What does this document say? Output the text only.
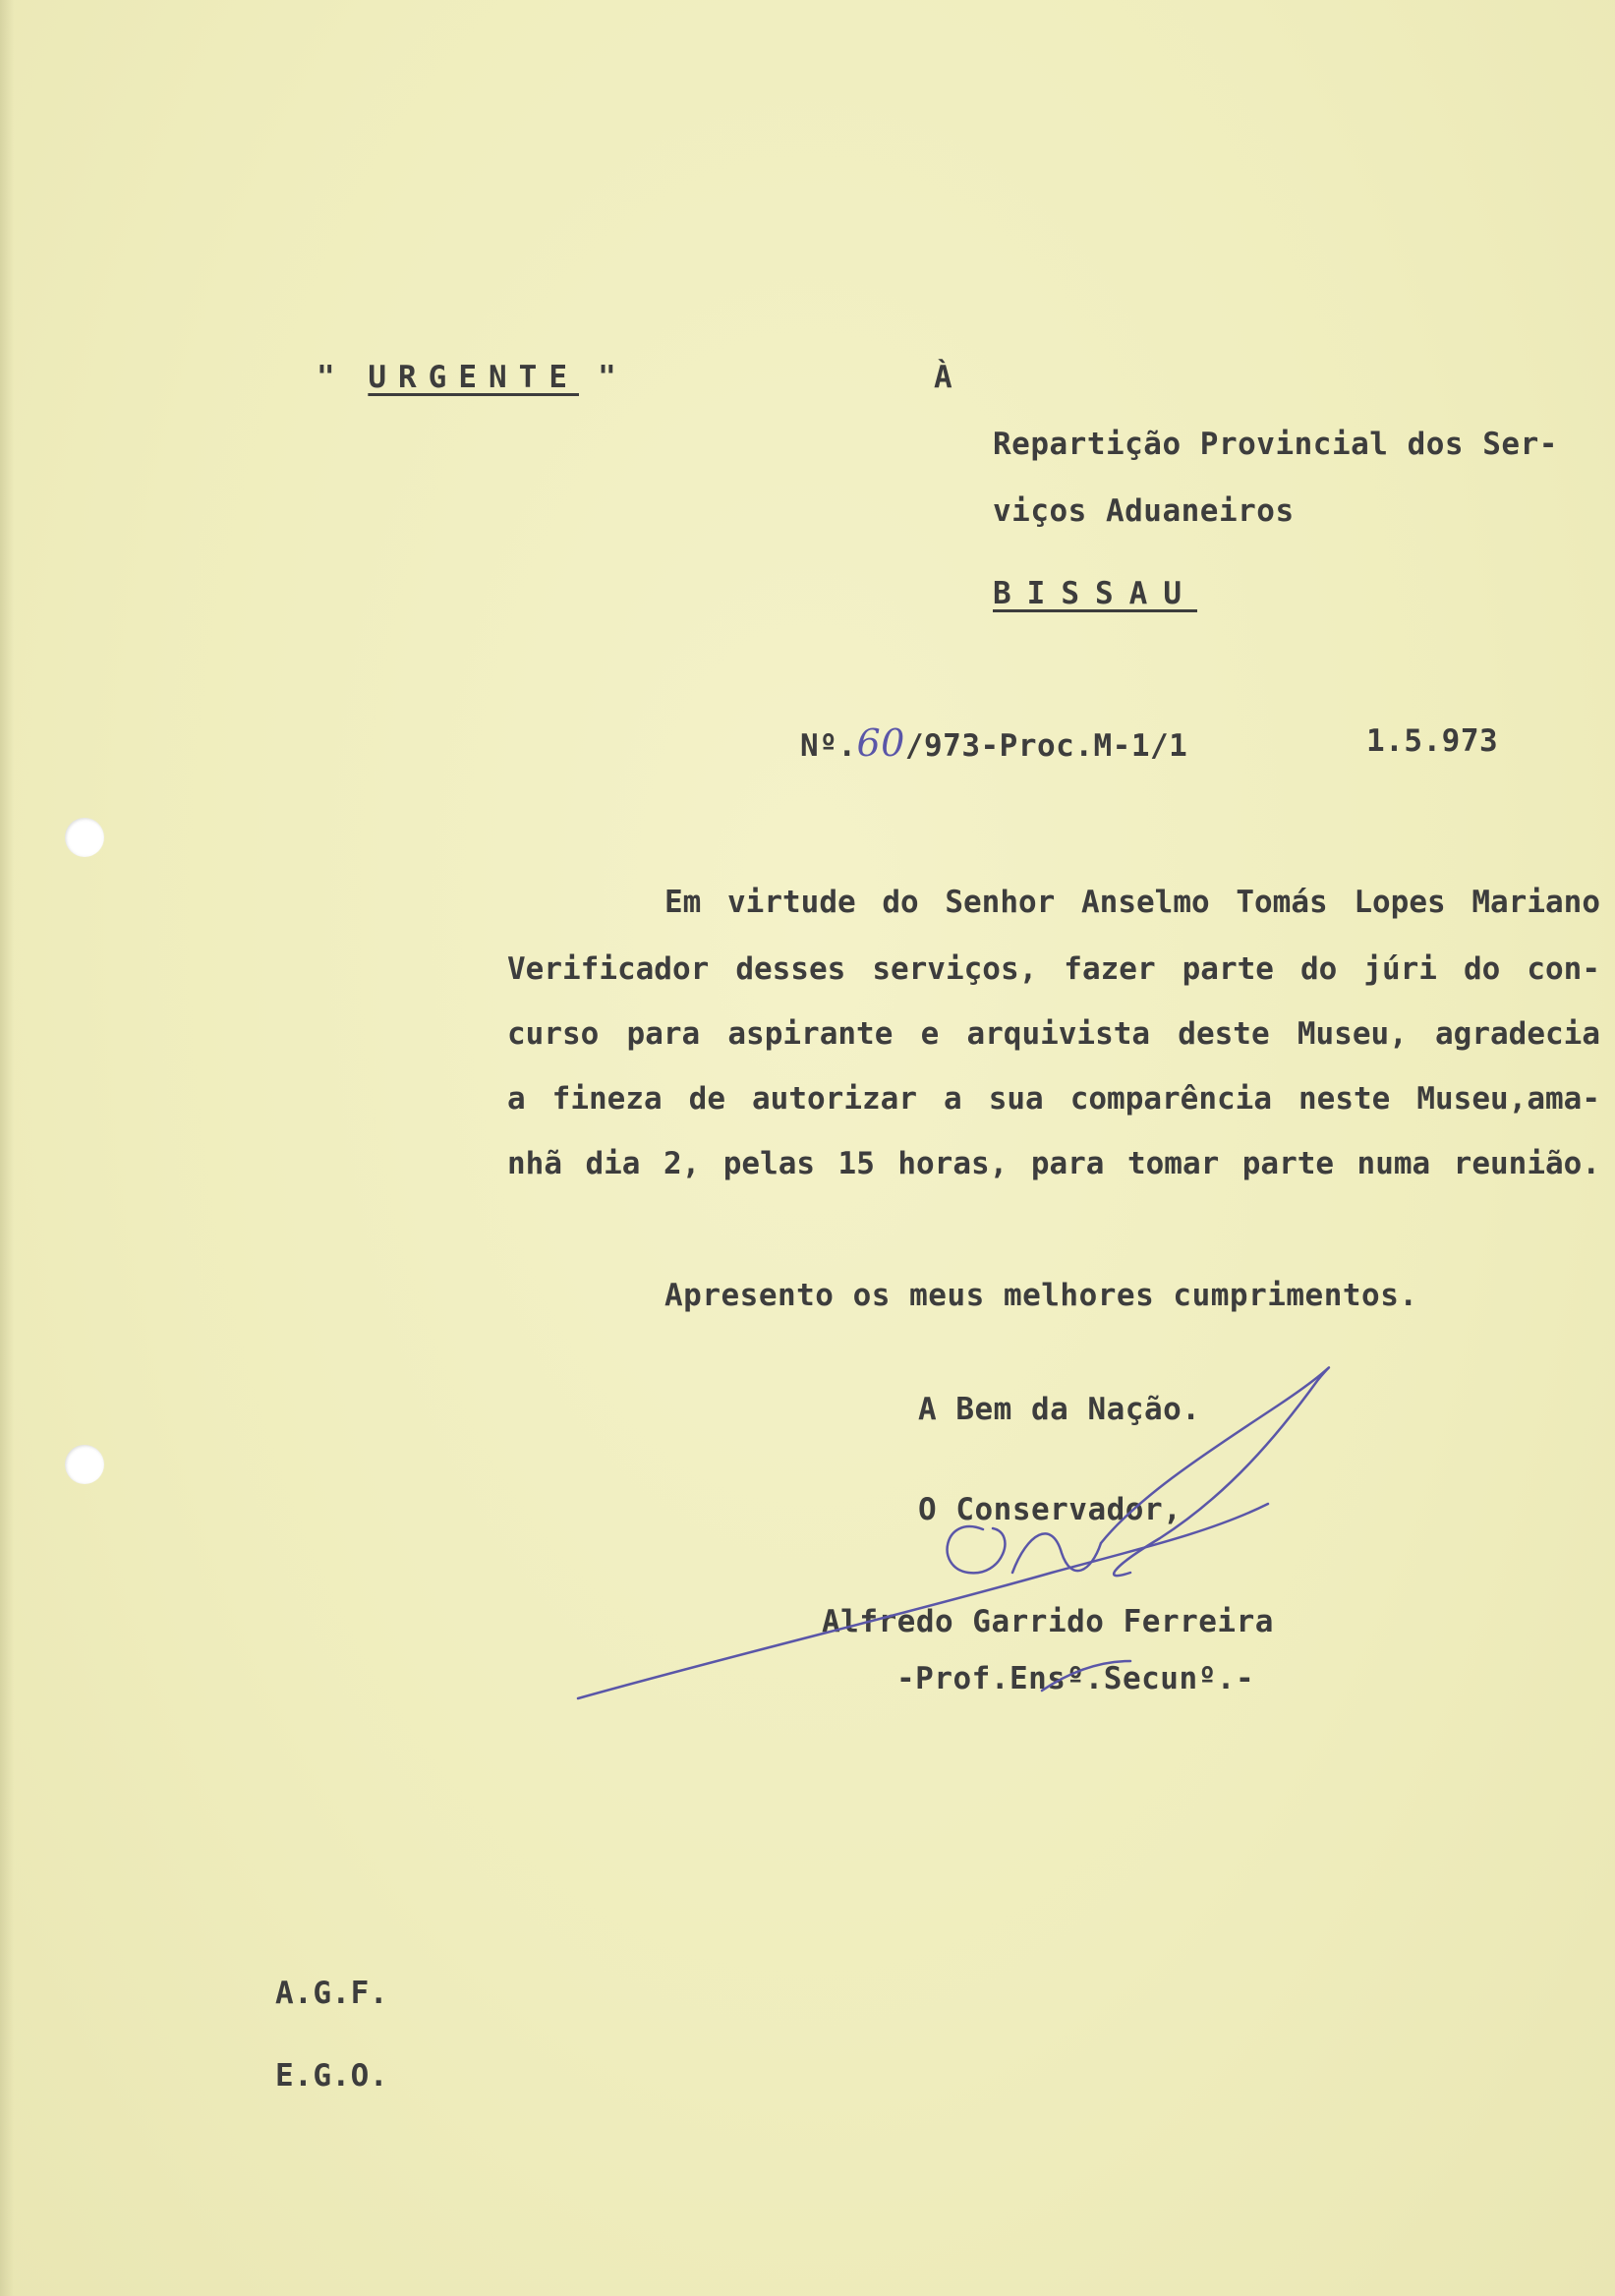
" URGENTE "	À
Repartição Provincial dos Ser-
viços Aduaneiros
BISSAU
Nº.60/973-Proc.M-1/1	1.5.973
Em virtude do Senhor Anselmo Tomás Lopes Mariano
Verificador desses serviços, fazer parte do júri do con-
curso para aspirante e arquivista deste Museu, agradecia
a fineza de autorizar a sua comparência neste Museu,ama-
nhã dia 2, pelas 15 horas, para tomar parte numa reunião.
Apresento os meus melhores cumprimentos.
A Bem da Nação.
O Conservador,
Alfredo Garrido Ferreira
-Prof.Ensº.Secunº.-
A.G.F.
E.G.O.
